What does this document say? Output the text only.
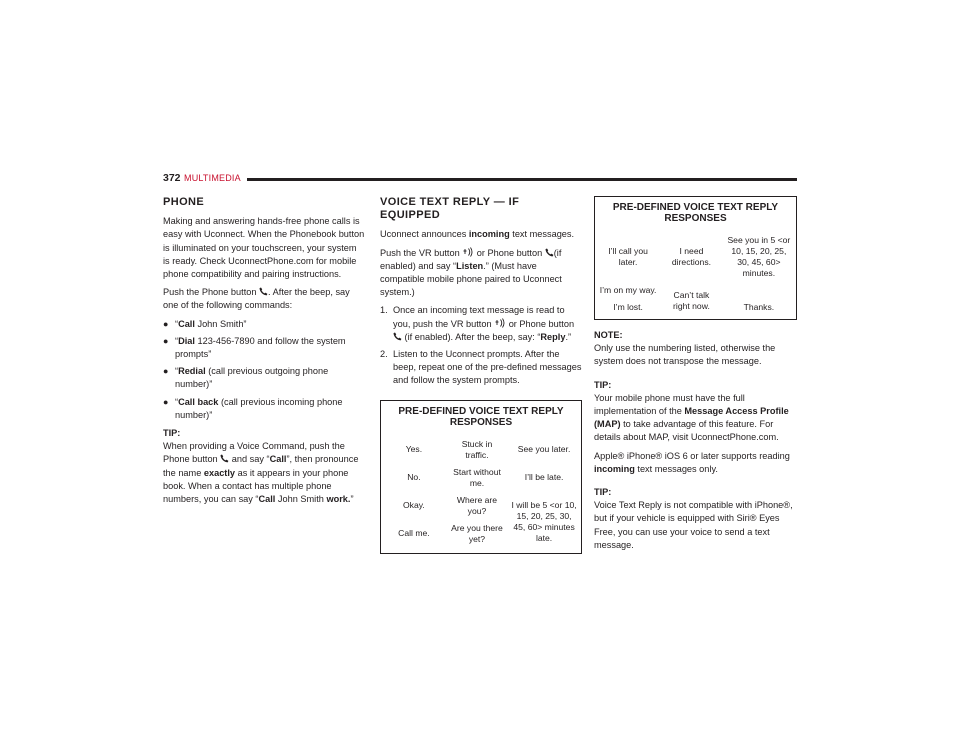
372 MULTIMEDIA
PHONE

Making and answering hands-free phone calls is easy with Uconnect. When the Phonebook button is illuminated on your touchscreen, your system is ready. Check UconnectPhone.com for mobile phone compatibility and pairing instructions.

Push the Phone button . After the beep, say one of the following commands:

● “Call John Smith”
● “Dial 123-456-7890 and follow the system prompts”
● “Redial (call previous outgoing phone number)”
● “Call back (call previous incoming phone number)”
TIP:

When providing a Voice Command, push the Phone button  and say “Call”, then pronounce the name exactly as it appears in your phone book. When a contact has multiple phone numbers, you can say “Call John Smith work.”

VOICE TEXT REPLY — IF EQUIPPED

Uconnect announces incoming text messages.

Push the VR button  or Phone button (if enabled) and say “Listen.” (Must have compatible mobile phone paired to Uconnect system.)

1. Once an incoming text message is read to you, push the VR button  or Phone button  (if enabled). After the beep, say: “Reply.”
2. Listen to the Uconnect prompts. After the beep, repeat one of the pre-defined messages and follow the system prompts.
PRE-DEFINED VOICE TEXT REPLY RESPONSES		
Yes.	Stuck in traffic.	See you later.
No.	Start without me.	I’ll be late.
Okay.	Where are you?	I will be 5 <or 10, 15, 20, 25, 30, 45, 60> minutes late.
Call me.	Are you there yet?	
PRE-DEFINED VOICE TEXT REPLY RESPONSES		
I’ll call you later.	I need directions.	See you in 5 <or 10, 15, 20, 25, 30, 45, 60> minutes.
I’m on my way.	Can’t talk right now.	
I’m lost.		Thanks.
NOTE:

Only use the numbering listed, otherwise the system does not transpose the message.

TIP:

Your mobile phone must have the full implementation of the Message Access Profile (MAP) to take advantage of this feature. For details about MAP, visit UconnectPhone.com.

Apple® iPhone® iOS 6 or later supports reading incoming text messages only.

TIP:

Voice Text Reply is not compatible with iPhone®, but if your vehicle is equipped with Siri® Eyes Free, you can use your voice to send a text message.
